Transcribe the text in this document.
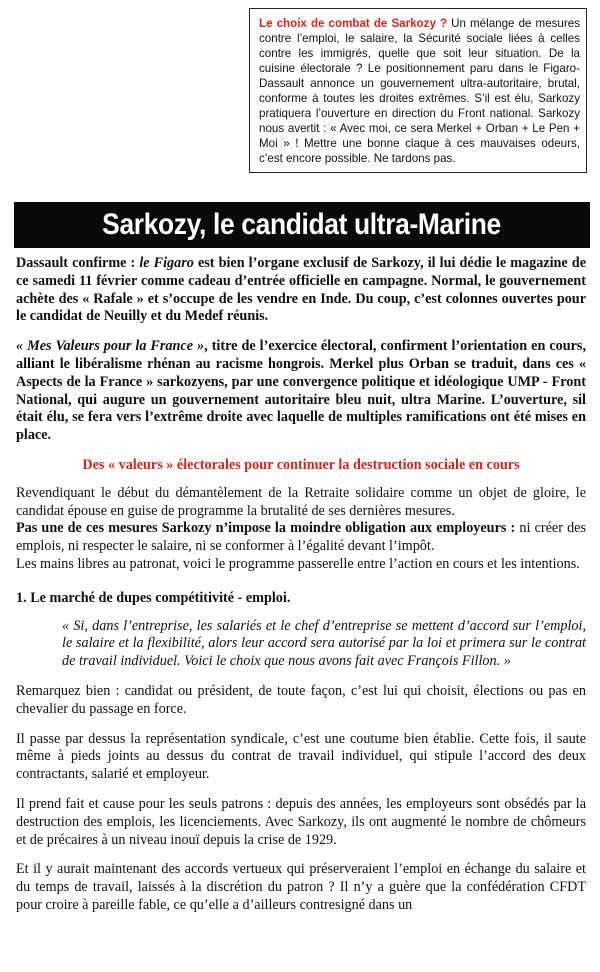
Le choix de combat de Sarkozy ? Un mélange de mesures contre l’emploi, le salaire, la Sécurité sociale liées à celles contre les immigrés, quelle que soit leur situation. De la cuisine électorale ? Le positionnement paru dans le Figaro-Dassault annonce un gouvernement ultra-autoritaire, brutal, conforme à toutes les droites extrêmes. S’il est élu, Sarkozy pratiquera l’ouverture en direction du Front national. Sarkozy nous avertit : « Avec moi, ce sera Merkel + Orban + Le Pen + Moi » ! Mettre une bonne claque à ces mauvaises odeurs, c’est encore possible. Ne tardons pas.
Sarkozy, le candidat ultra-Marine

Dassault confirme : le Figaro est bien l’organe exclusif de Sarkozy, il lui dédie le magazine de ce samedi 11 février comme cadeau d’entrée officielle en campagne. Normal, le gouvernement achète des « Rafale » et s’occupe de les vendre en Inde. Du coup, c’est colonnes ouvertes pour le candidat de Neuilly et du Medef réunis.

« Mes Valeurs pour la France », titre de l’exercice électoral, confirment l’orientation en cours, alliant le libéralisme rhénan au racisme hongrois. Merkel plus Orban se traduit, dans ces « Aspects de la France » sarkozyens, par une convergence politique et idéologique UMP - Front National, qui augure un gouvernement autoritaire bleu nuit, ultra Marine. L’ouverture, sil était élu, se fera vers l’extrême droite avec laquelle de multiples ramifications ont été mises en place.

Des « valeurs » électorales pour continuer la destruction sociale en cours

Revendiquant le début du démantèlement de la Retraite solidaire comme un objet de gloire, le candidat épouse en guise de programme la brutalité de ses dernières mesures.
Pas une de ces mesures Sarkozy n’impose la moindre obligation aux employeurs : ni créer des emplois, ni respecter le salaire, ni se conformer à l’égalité devant l’impôt.
Les mains libres au patronat, voici le programme passerelle entre l’action en cours et les intentions.

1. Le marché de dupes compétitivité - emploi.

« Si, dans l’entreprise, les salariés et le chef d’entreprise se mettent d’accord sur l’emploi, le salaire et la flexibilité, alors leur accord sera autorisé par la loi et primera sur le contrat de travail individuel. Voici le choix que nous avons fait avec François Fillon. »

Remarquez bien : candidat ou président, de toute façon, c’est lui qui choisit, élections ou pas en chevalier du passage en force.

Il passe par dessus la représentation syndicale, c’est une coutume bien établie. Cette fois, il saute même à pieds joints au dessus du contrat de travail individuel, qui stipule l’accord des deux contractants, salarié et employeur.

Il prend fait et cause pour les seuls patrons : depuis des années, les employeurs sont obsédés par la destruction des emplois, les licenciements. Avec Sarkozy, ils ont augmenté le nombre de chômeurs et de précaires à un niveau inouï depuis la crise de 1929.

Et il y aurait maintenant des accords vertueux qui préserveraient l’emploi en échange du salaire et du temps de travail, laissés à la discrétion du patron ? Il n’y a guère que la confédération CFDT pour croire à pareille fable, ce qu’elle a d’ailleurs contresigné dans un
